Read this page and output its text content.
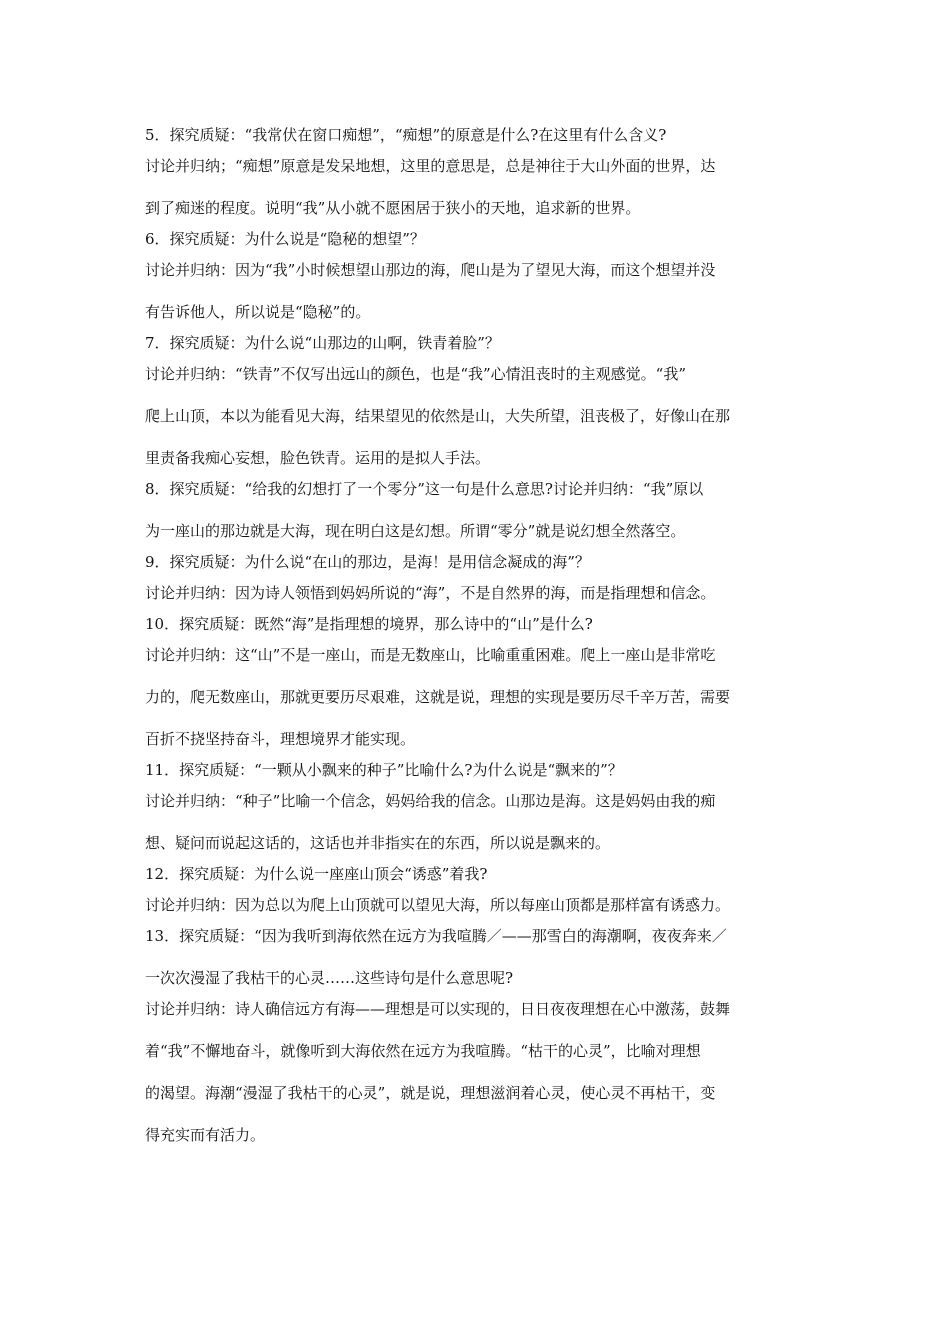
5．探究质疑：“我常伏在窗口痴想”，“痴想”的原意是什么?在这里有什么含义?
讨论并归纳；“痴想”原意是发呆地想，这里的意思是，总是神往于大山外面的世界，达
到了痴迷的程度。说明“我”从小就不愿困居于狭小的天地，追求新的世界。
6．探究质疑：为什么说是“隐秘的想望”？
讨论并归纳：因为“我”小时候想望山那边的海，爬山是为了望见大海，而这个想望并没
有告诉他人，所以说是“隐秘”的。
7．探究质疑：为什么说“山那边的山啊，铁青着脸”？
讨论并归纳：“铁青”不仅写出远山的颜色，也是“我”心情沮丧时的主观感觉。“我”
爬上山顶，本以为能看见大海，结果望见的依然是山，大失所望，沮丧极了，好像山在那
里责备我痴心妄想，脸色铁青。运用的是拟人手法。
8．探究质疑：“给我的幻想打了一个零分”这一句是什么意思?讨论并归纳：“我”原以
为一座山的那边就是大海，现在明白这是幻想。所谓“零分”就是说幻想全然落空。
9．探究质疑：为什么说“在山的那边，是海！是用信念凝成的海”？
讨论并归纳：因为诗人领悟到妈妈所说的“海”，不是自然界的海，而是指理想和信念。
10．探究质疑：既然“海”是指理想的境界，那么诗中的“山”是什么?
讨论并归纳：这“山”不是一座山，而是无数座山，比喻重重困难。爬上一座山是非常吃
力的，爬无数座山，那就更要历尽艰难，这就是说，理想的实现是要历尽千辛万苦，需要
百折不挠坚持奋斗，理想境界才能实现。
11．探究质疑：“一颗从小飘来的种子”比喻什么?为什么说是“飘来的”？
讨论并归纳：“种子”比喻一个信念，妈妈给我的信念。山那边是海。这是妈妈由我的痴
想、疑问而说起这话的，这话也并非指实在的东西，所以说是飘来的。
12．探究质疑：为什么说一座座山顶会“诱惑”着我?
讨论并归纳：因为总以为爬上山顶就可以望见大海，所以每座山顶都是那样富有诱惑力。
13．探究质疑：“因为我听到海依然在远方为我喧腾／——那雪白的海潮啊，夜夜奔来／
一次次漫湿了我枯干的心灵……这些诗句是什么意思呢?
讨论并归纳：诗人确信远方有海——理想是可以实现的，日日夜夜理想在心中激荡，鼓舞
着“我”不懈地奋斗，就像听到大海依然在远方为我喧腾。“枯干的心灵”，比喻对理想
的渴望。海潮“漫湿了我枯干的心灵”，就是说，理想滋润着心灵，使心灵不再枯干，变
得充实而有活力。
